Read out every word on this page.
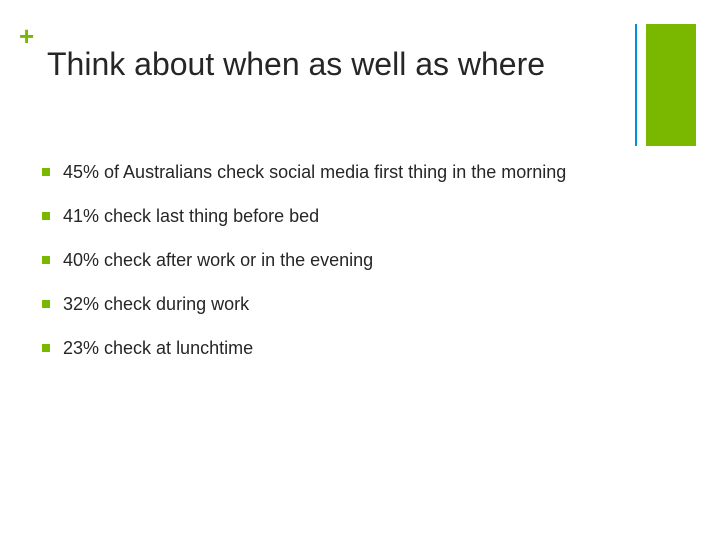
+
Think about when as well as where
45% of Australians check social media first thing in the morning
41% check last thing before bed
40% check after work or in the evening
32% check during work
23% check at lunchtime
